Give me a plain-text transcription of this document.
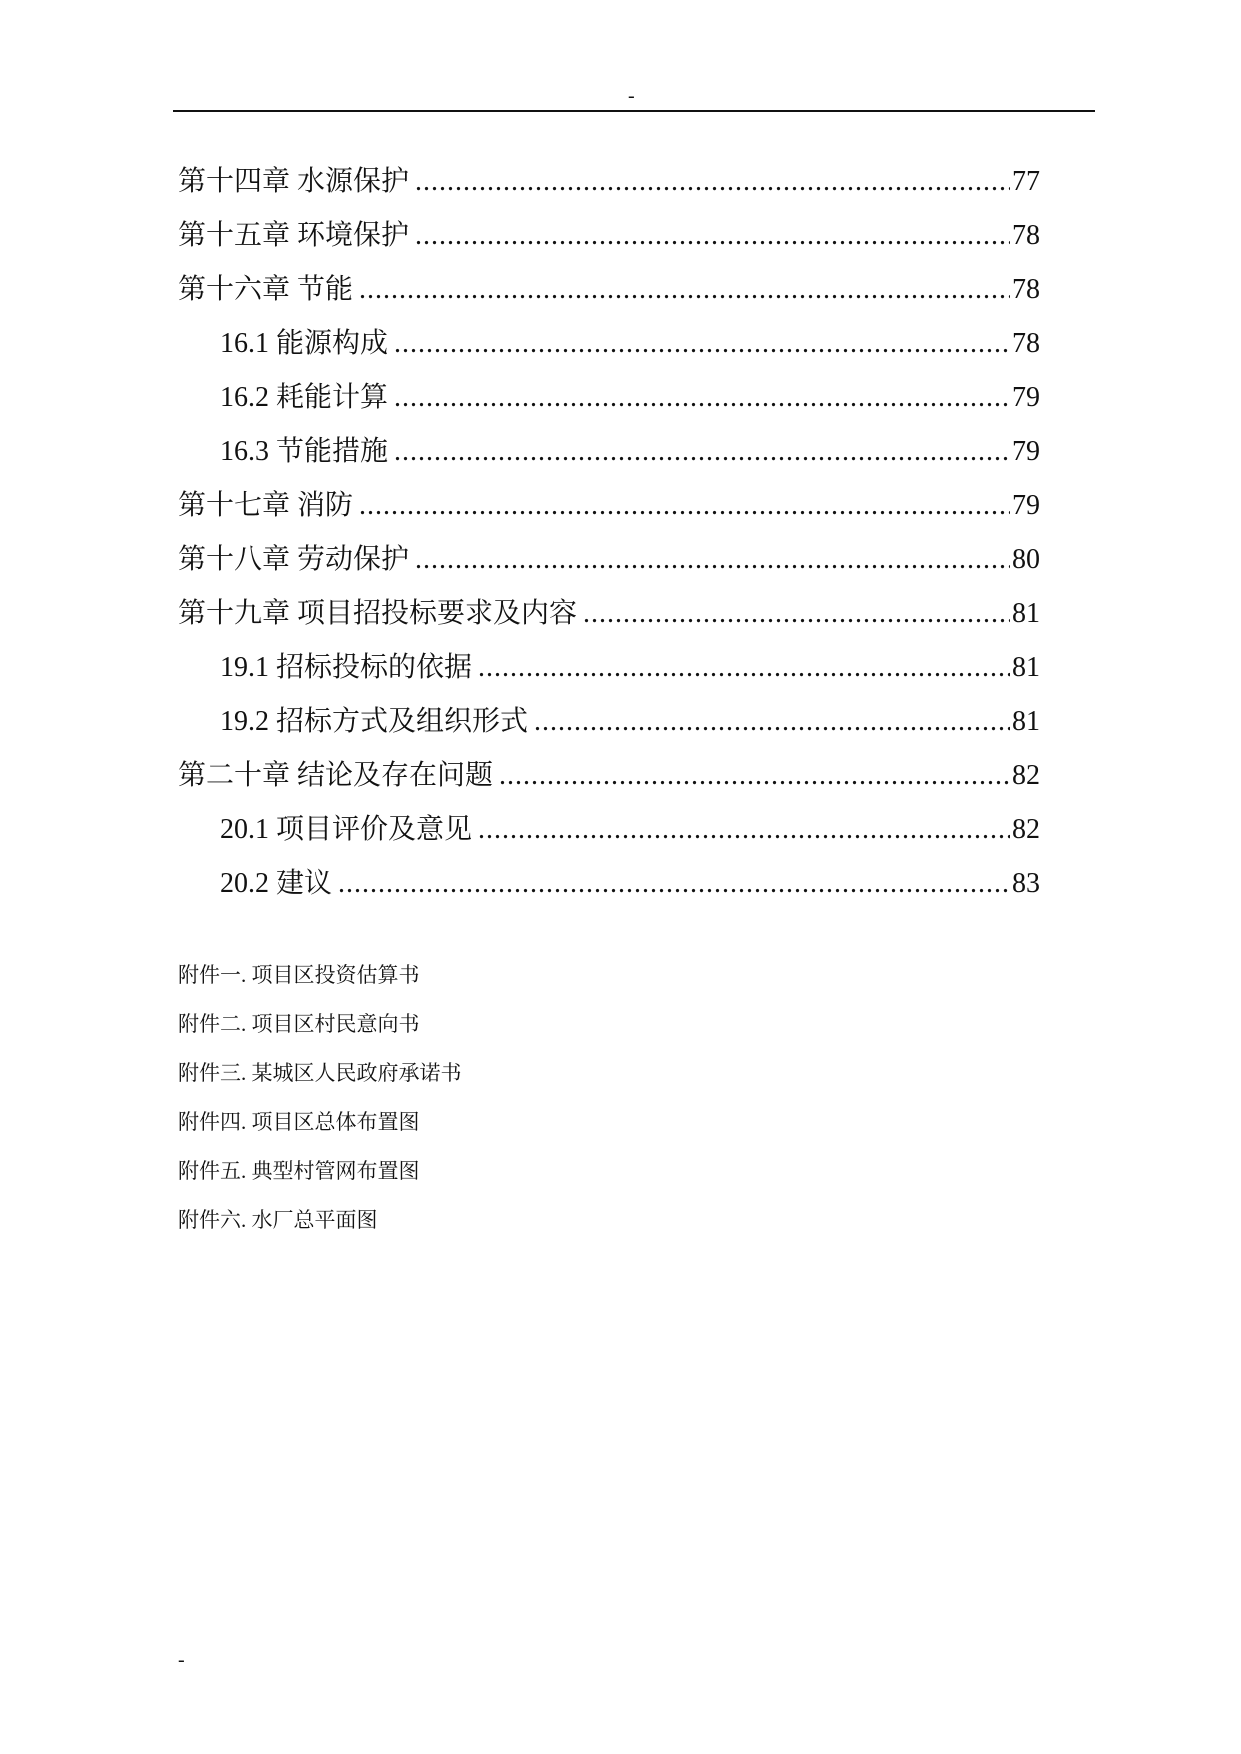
-
第十四章 水源保护 .....	77
第十五章 环境保护 .....	78
第十六章 节能 .....	78
16.1 能源构成 .....	78
16.2 耗能计算 .....	79
16.3 节能措施 .....	79
第十七章 消防 .....	79
第十八章 劳动保护 .....	80
第十九章 项目招投标要求及内容 .....	81
19.1 招标投标的依据 .....	81
19.2 招标方式及组织形式 .....	81
第二十章 结论及存在问题 .....	82
20.1 项目评价及意见 .....	82
20.2 建议 .....	83
附件一. 项目区投资估算书
附件二. 项目区村民意向书
附件三. 某城区人民政府承诺书
附件四. 项目区总体布置图
附件五. 典型村管网布置图
附件六. 水厂总平面图
-
